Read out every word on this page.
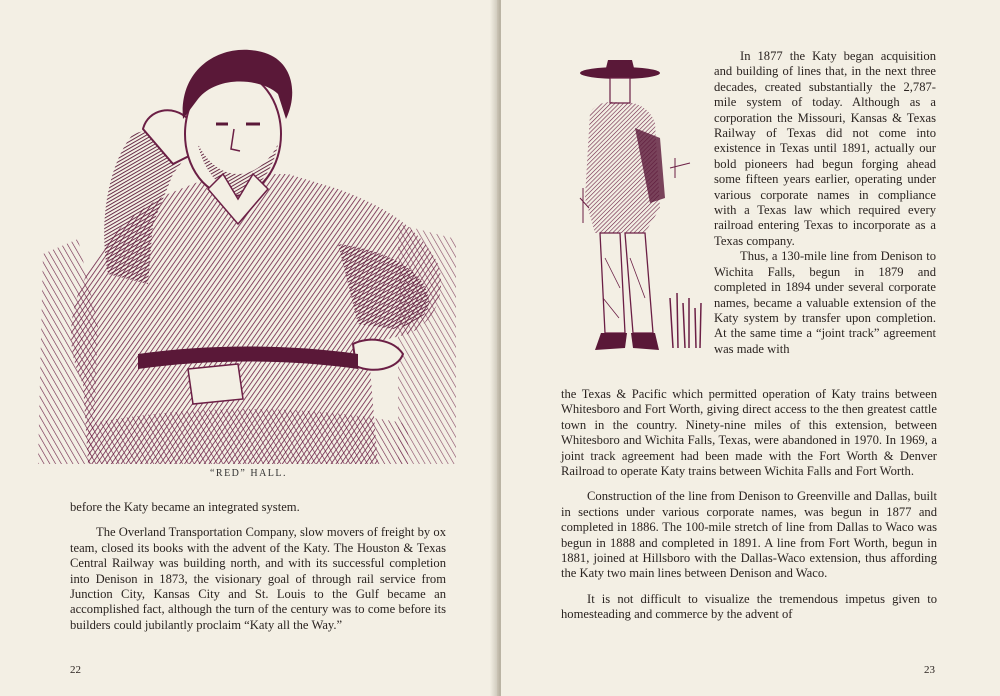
“RED” HALL.

before the Katy became an integrated system.

The Overland Transportation Company, slow movers of freight by ox team, closed its books with the advent of the Katy. The Houston & Texas Central Railway was building north, and with its successful completion into Denison in 1873, the visionary goal of through rail service from Junction City, Kansas City and St. Louis to the Gulf became an accomplished fact, although the turn of the century was to come before its builders could jubilantly proclaim “Katy all the Way.”

22

In 1877 the Katy began acquisition and building of lines that, in the next three decades, created substantially the 2,787-mile system of today. Although as a corporation the Missouri, Kansas & Texas Railway of Texas did not come into existence in Texas until 1891, actually our bold pioneers had begun forging ahead some fifteen years earlier, operating under various corporate names in compliance with a Texas law which required every railroad entering Texas to incorporate as a Texas company.

Thus, a 130-mile line from Denison to Wichita Falls, begun in 1879 and completed in 1894 under several corporate names, became a valuable extension of the Katy system by transfer upon completion. At the same time a “joint track” agreement was made with

the Texas & Pacific which permitted operation of Katy trains between Whitesboro and Fort Worth, giving direct access to the then greatest cattle town in the country. Ninety-nine miles of this extension, between Whitesboro and Wichita Falls, Texas, were abandoned in 1970. In 1969, a joint track agreement had been made with the Fort Worth & Denver Railroad to operate Katy trains between Wichita Falls and Fort Worth.

Construction of the line from Denison to Greenville and Dallas, built in sections under various corporate names, was begun in 1877 and completed in 1886. The 100-mile stretch of line from Dallas to Waco was begun in 1888 and completed in 1891. A line from Fort Worth, begun in 1881, joined at Hillsboro with the Dallas-Waco extension, thus affording the Katy two main lines between Denison and Waco.

It is not difficult to visualize the tremendous impetus given to homesteading and commerce by the advent of

23
